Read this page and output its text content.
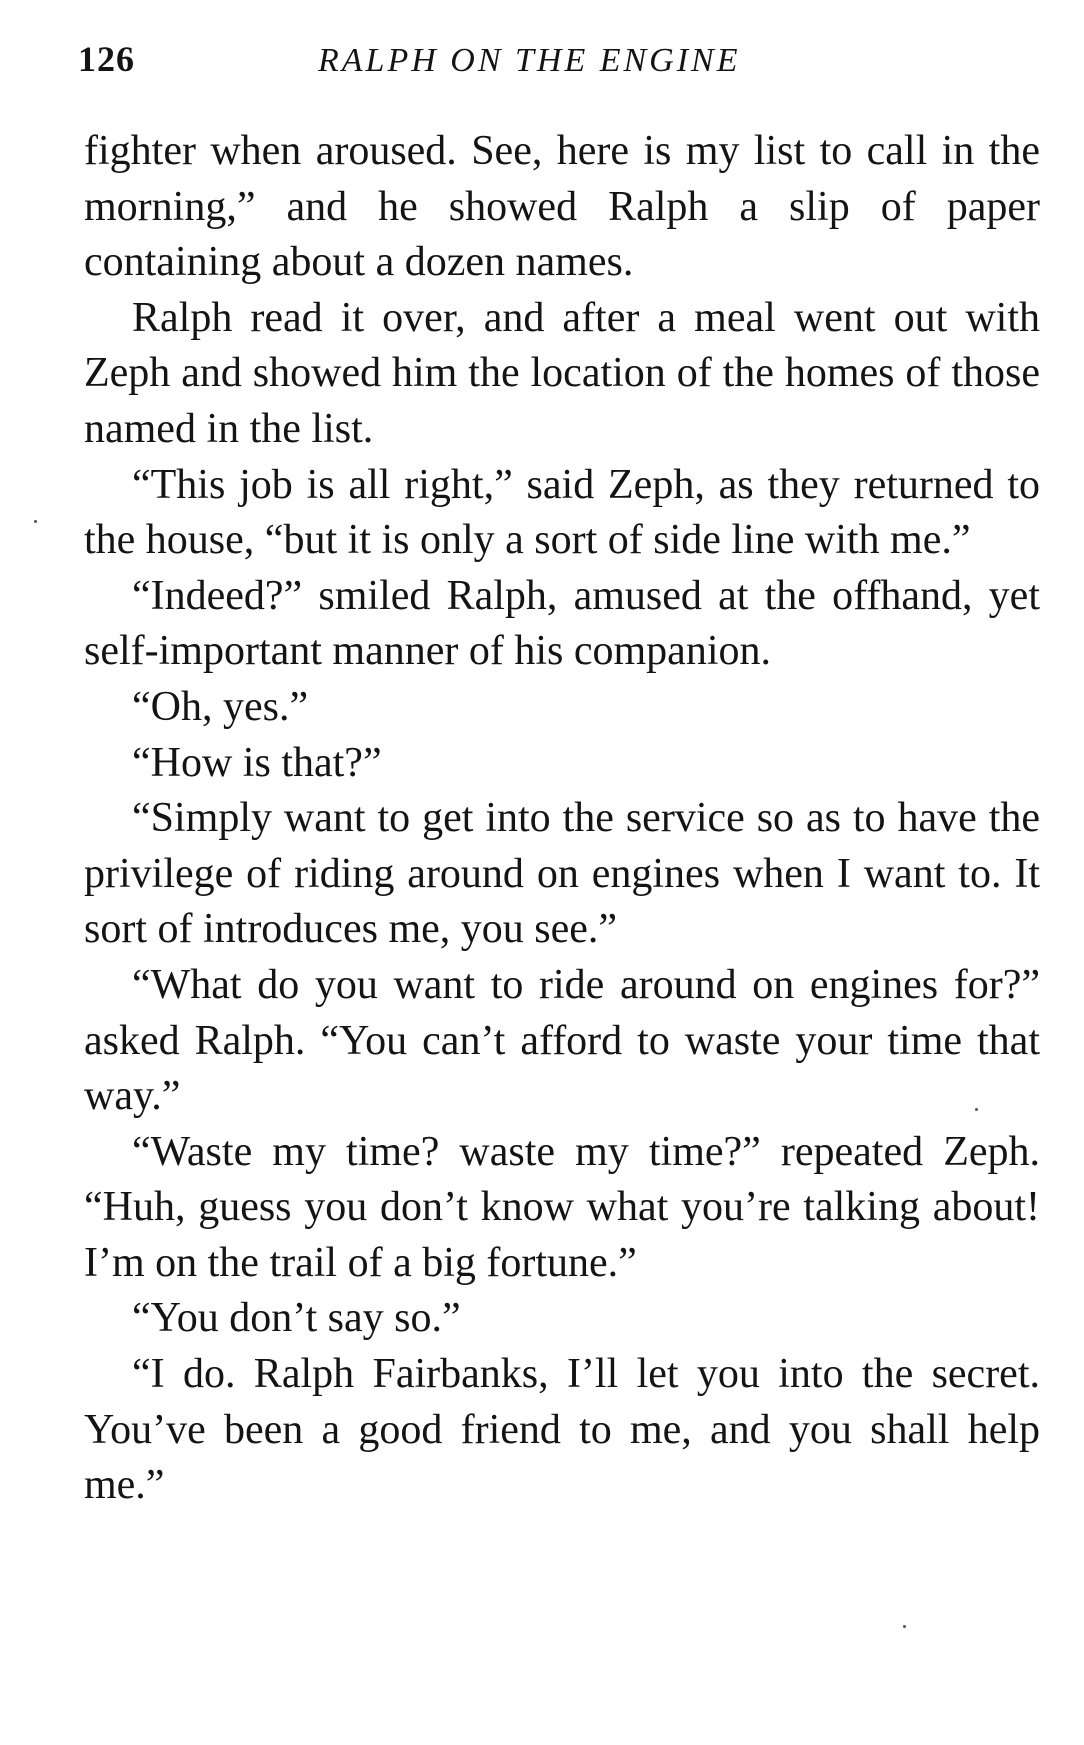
126	RALPH ON THE ENGINE

fighter when aroused. See, here is my list to call in the morning,” and he showed Ralph a slip of paper containing about a dozen names.

Ralph read it over, and after a meal went out with Zeph and showed him the location of the homes of those named in the list.

“This job is all right,” said Zeph, as they returned to the house, “but it is only a sort of side line with me.”

“Indeed?” smiled Ralph, amused at the offhand, yet self-important manner of his companion.

“Oh, yes.”

“How is that?”

“Simply want to get into the service so as to have the privilege of riding around on engines when I want to. It sort of introduces me, you see.”

“What do you want to ride around on engines for?” asked Ralph. “You can’t afford to waste your time that way.”

“Waste my time? waste my time?” repeated Zeph. “Huh, guess you don’t know what you’re talking about! I’m on the trail of a big fortune.”

“You don’t say so.”

“I do. Ralph Fairbanks, I’ll let you into the secret. You’ve been a good friend to me, and you shall help me.”
